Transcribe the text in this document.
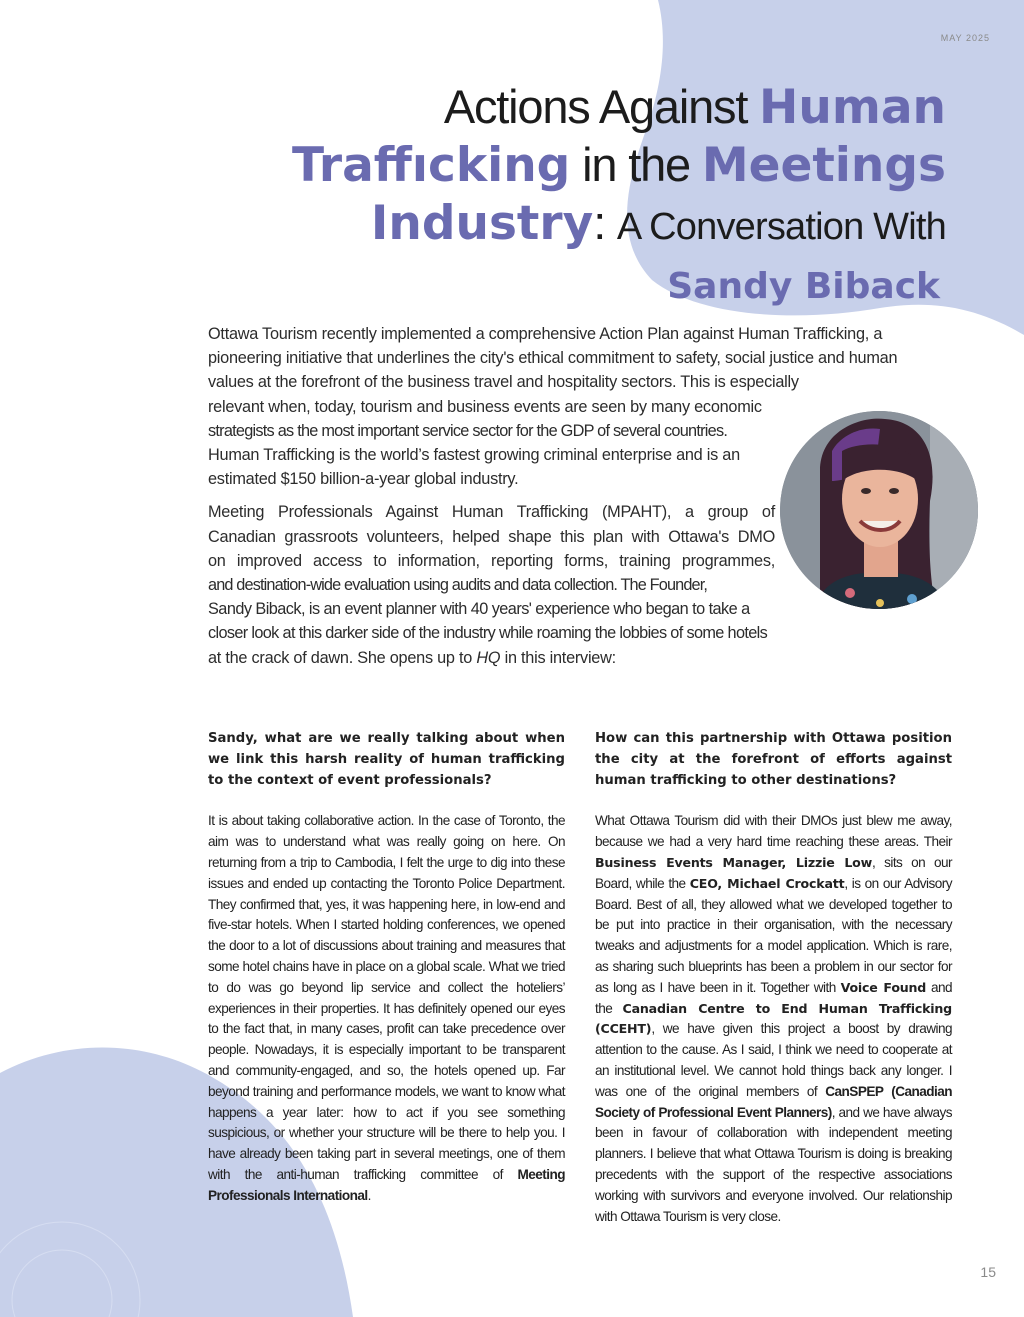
MAY 2025
Actions Against Human
Traffıcking in the Meetings
Industry: A Conversation With
Sandy Biback

Ottawa Tourism recently implemented a comprehensive Action Plan against Human Trafficking, a
pioneering initiative that underlines the city's ethical commitment to safety, social justice and human
values at the forefront of the business travel and hospitality sectors. This is especially
relevant when, today, tourism and business events are seen by many economic
strategists as the most important service sector for the GDP of several countries.
Human Trafficking is the world’s fastest growing criminal enterprise and is an
estimated $150 billion-a-year global industry.

Meeting Professionals Against Human Trafficking (MPAHT), a group of
Canadian grassroots volunteers, helped shape this plan with Ottawa's DMO
on improved access to information, reporting forms, training programmes,
and destination-wide evaluation using audits and data collection. The Founder,
Sandy Biback, is an event planner with 40 years' experience who began to take a
closer look at this darker side of the industry while roaming the lobbies of some hotels
at the crack of dawn. She opens up to HQ in this interview:

Sandy, what are we really talking about when we link this harsh reality of human trafficking to the context of event professionals?

It is about taking collaborative action. In the case of Toronto, the aim was to understand what was really going on here. On returning from a trip to Cambodia, I felt the urge to dig into these issues and ended up contacting the Toronto Police Department. They confirmed that, yes, it was happening here, in low-end and five-star hotels. When I started holding conferences, we opened the door to a lot of discussions about training and measures that some hotel chains have in place on a global scale. What we tried to do was go beyond lip service and collect the hoteliers’ experiences in their properties. It has definitely opened our eyes to the fact that, in many cases, profit can take precedence over people. Nowadays, it is especially important to be transparent and community-engaged, and so, the hotels opened up. Far beyond training and performance models, we want to know what happens a year later: how to act if you see something suspicious, or whether your structure will be there to help you. I have already been taking part in several meetings, one of them with the anti-human trafficking committee of Meeting Professionals International.

How can this partnership with Ottawa position the city at the forefront of efforts against human trafficking to other destinations?

What Ottawa Tourism did with their DMOs just blew me away, because we had a very hard time reaching these areas. Their Business Events Manager, Lizzie Low, sits on our Board, while the CEO, Michael Crockatt, is on our Advisory Board. Best of all, they allowed what we developed together to be put into practice in their organisation, with the necessary tweaks and adjustments for a model application. Which is rare, as sharing such blueprints has been a problem in our sector for as long as I have been in it. Together with Voice Found and the Canadian Centre to End Human Trafficking (CCEHT), we have given this project a boost by drawing attention to the cause. As I said, I think we need to cooperate at an institutional level. We cannot hold things back any longer. I was one of the original members of CanSPEP (Canadian Society of Professional Event Planners), and we have always been in favour of collaboration with independent meeting planners. I believe that what Ottawa Tourism is doing is breaking precedents with the support of the respective associations working with survivors and everyone involved. Our relationship with Ottawa Tourism is very close.

15
